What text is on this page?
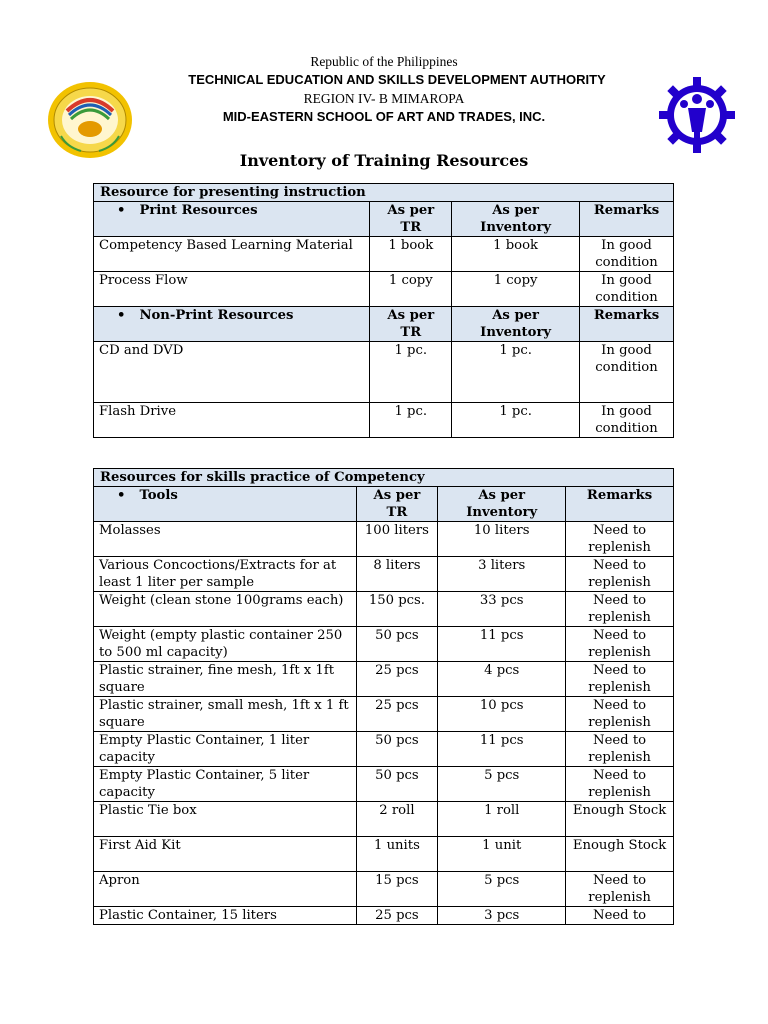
Republic of the Philippines
TECHNICAL EDUCATION AND SKILLS DEVELOPMENT AUTHORITY
REGION IV- B MIMAROPA
MID-EASTERN SCHOOL OF ART AND TRADES, INC.
Inventory of Training Resources
Resource for presenting instruction			
• Print Resources	As per TR	As per Inventory	Remarks
Competency Based Learning Material	1 book	1 book	In good condition
Process Flow	1 copy	1 copy	In good condition
• Non-Print Resources	As per TR	As per Inventory	Remarks
CD and DVD	1 pc.	1 pc.	In good condition
Flash Drive	1 pc.	1 pc.	In good condition
Resources for skills practice of Competency			
• Tools	As per TR	As per Inventory	Remarks
Molasses	100 liters	10 liters	Need to replenish
Various Concoctions/Extracts for at least 1 liter per sample	8 liters	3 liters	Need to replenish
Weight (clean stone 100grams each)	150 pcs.	33 pcs	Need to replenish
Weight (empty plastic container 250 to 500 ml capacity)	50 pcs	11 pcs	Need to replenish
Plastic strainer, fine mesh, 1ft x 1ft square	25 pcs	4 pcs	Need to replenish
Plastic strainer, small mesh, 1ft x 1 ft square	25 pcs	10 pcs	Need to replenish
Empty Plastic Container, 1 liter capacity	50 pcs	11 pcs	Need to replenish
Empty Plastic Container, 5 liter capacity	50 pcs	5 pcs	Need to replenish
Plastic Tie box	2 roll	1 roll	Enough Stock
First Aid Kit	1 units	1 unit	Enough Stock
Apron	15 pcs	5 pcs	Need to replenish
Plastic Container, 15 liters	25 pcs	3 pcs	Need to
